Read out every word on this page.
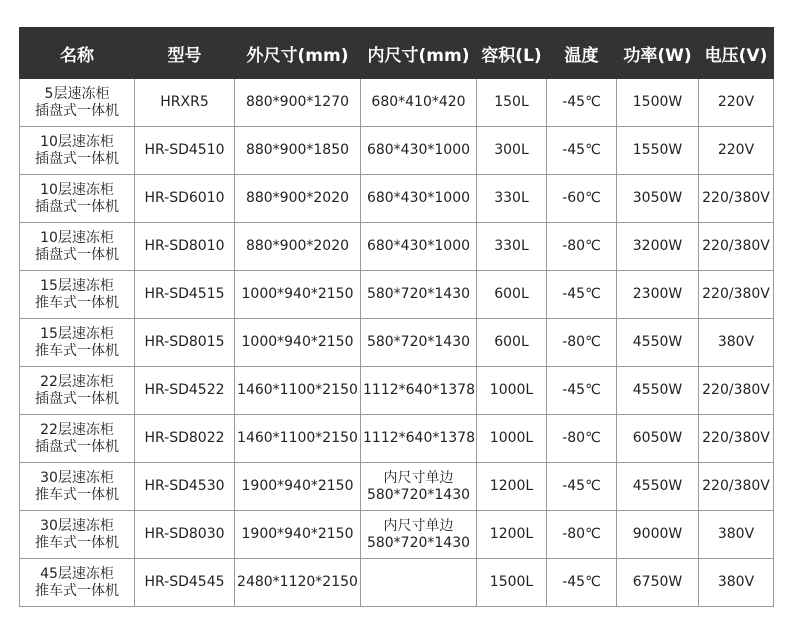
名称	型号	外尺寸(mm)	内尺寸(mm)	容积(L)	温度	功率(W)	电压(V)

5层速冻柜
插盘式一体机	HRXR5	880*900*1270	680*410*420	150L	-45℃	1500W	220V

10层速冻柜
插盘式一体机	HR-SD4510	880*900*1850	680*430*1000	300L	-45℃	1550W	220V

10层速冻柜
插盘式一体机	HR-SD6010	880*900*2020	680*430*1000	330L	-60℃	3050W	220/380V

10层速冻柜
插盘式一体机	HR-SD8010	880*900*2020	680*430*1000	330L	-80℃	3200W	220/380V

15层速冻柜
推车式一体机	HR-SD4515	1000*940*2150	580*720*1430	600L	-45℃	2300W	220/380V

15层速冻柜
推车式一体机	HR-SD8015	1000*940*2150	580*720*1430	600L	-80℃	4550W	380V

22层速冻柜
插盘式一体机	HR-SD4522	1460*1100*2150	1112*640*1378	1000L	-45℃	4550W	220/380V

22层速冻柜
插盘式一体机	HR-SD8022	1460*1100*2150	1112*640*1378	1000L	-80℃	6050W	220/380V

30层速冻柜
推车式一体机	HR-SD4530	1900*940*2150	内尺寸单边
580*720*1430	1200L	-45℃	4550W	220/380V

30层速冻柜
推车式一体机	HR-SD8030	1900*940*2150	内尺寸单边
580*720*1430	1200L	-80℃	9000W	380V

45层速冻柜
推车式一体机	HR-SD4545	2480*1120*2150		1500L	-45℃	6750W	380V
